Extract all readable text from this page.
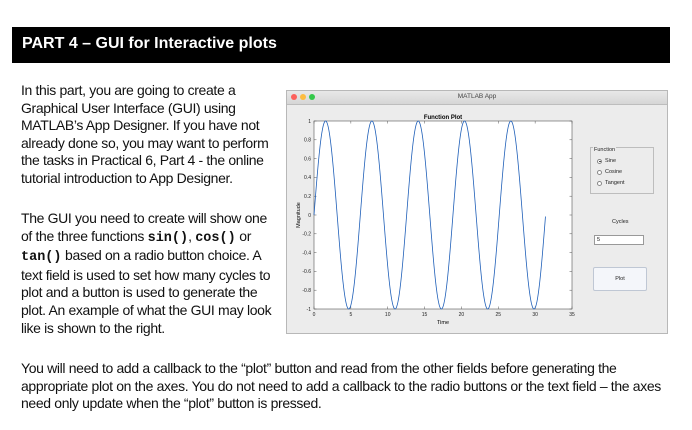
PART 4 – GUI for Interactive plots
In this part, you are going to create a Graphical User Interface (GUI) using MATLAB’s App Designer. If you have not already done so, you may want to perform the tasks in Practical 6, Part 4 - the online tutorial introduction to App Designer.
The GUI you need to create will show one of the three functions sin(), cos() or tan() based on a radio button choice. A text field is used to set how many cycles to plot and a button is used to generate the plot. An example of what the GUI may look like is shown to the right.
You will need to add a callback to the “plot” button and read from the other fields before generating the appropriate plot on the axes. You do not need to add a callback to the radio buttons or the text field – the axes need only update when the “plot” button is pressed.
MATLAB App
0	5	10	15	20	25	30	35
-1
-0.8
-0.6
-0.4
-0.2
0
0.2
0.4
0.6
0.8
1
Function Plot
Time
Magnitude
Function
Sine
Cosine
Tangent
Cycles
5
Plot
